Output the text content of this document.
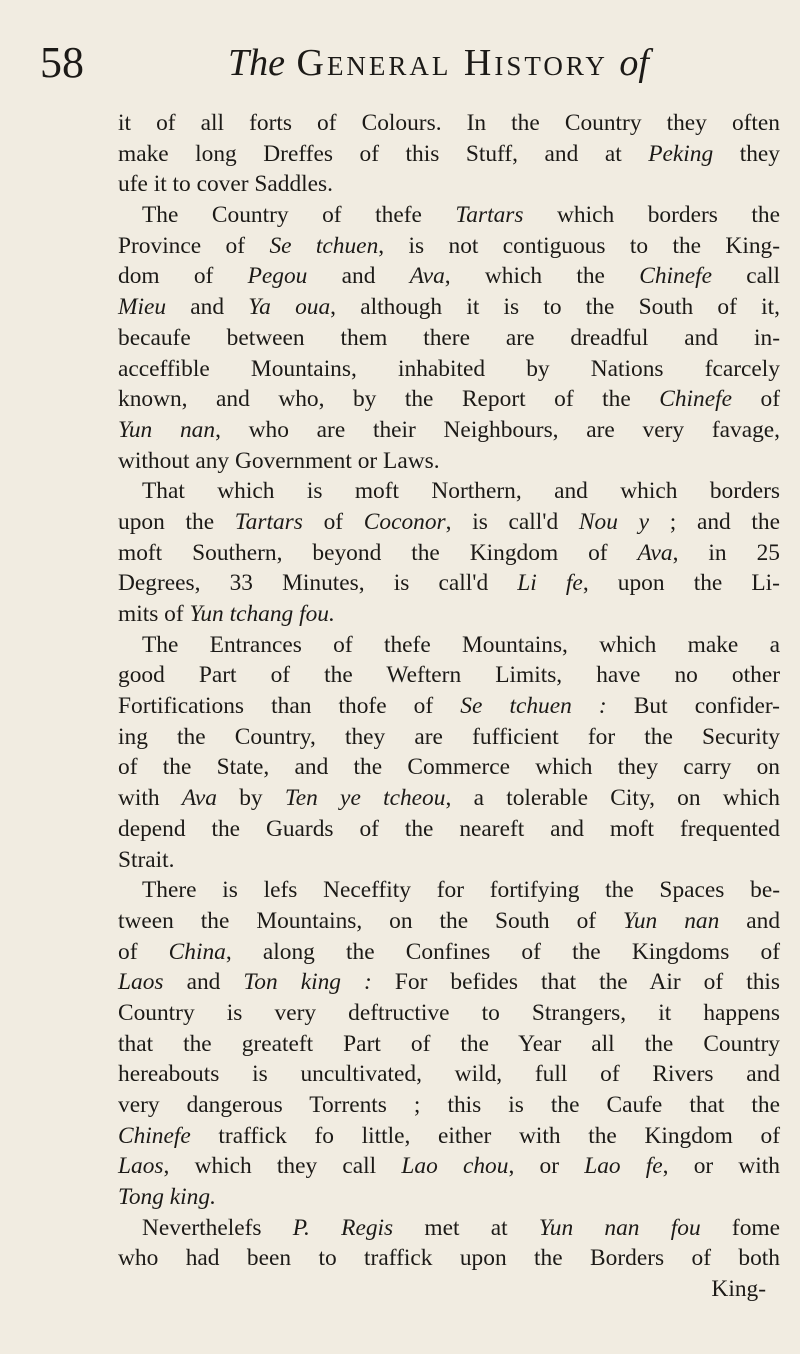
58	The General History of
it of all forts of Colours. In the Country they often
make long Dreffes of this Stuff, and at Peking they
ufe it to cover Saddles.
The Country of thefe Tartars which borders the
Province of Se tchuen, is not contiguous to the King-
dom of Pegou and Ava, which the Chinefe call
Mieu and Ya oua, although it is to the South of it,
becaufe between them there are dreadful and in-
acceffible Mountains, inhabited by Nations fcarcely
known, and who, by the Report of the Chinefe of
Yun nan, who are their Neighbours, are very favage,
without any Government or Laws.
That which is moft Northern, and which borders
upon the Tartars of Coconor, is call'd Nou y ; and the
moft Southern, beyond the Kingdom of Ava, in 25
Degrees, 33 Minutes, is call'd Li fe, upon the Li-
mits of Yun tchang fou.
The Entrances of thefe Mountains, which make a
good Part of the Weftern Limits, have no other
Fortifications than thofe of Se tchuen : But confider-
ing the Country, they are fufficient for the Security
of the State, and the Commerce which they carry on
with Ava by Ten ye tcheou, a tolerable City, on which
depend the Guards of the neareft and moft frequented
Strait.
There is lefs Neceffity for fortifying the Spaces be-
tween the Mountains, on the South of Yun nan and
of China, along the Confines of the Kingdoms of
Laos and Ton king : For befides that the Air of this
Country is very deftructive to Strangers, it happens
that the greateft Part of the Year all the Country
hereabouts is uncultivated, wild, full of Rivers and
very dangerous Torrents ; this is the Caufe that the
Chinefe traffick fo little, either with the Kingdom of
Laos, which they call Lao chou, or Lao fe, or with
Tong king.
Neverthelefs P. Regis met at Yun nan fou fome
who had been to traffick upon the Borders of both
King-
